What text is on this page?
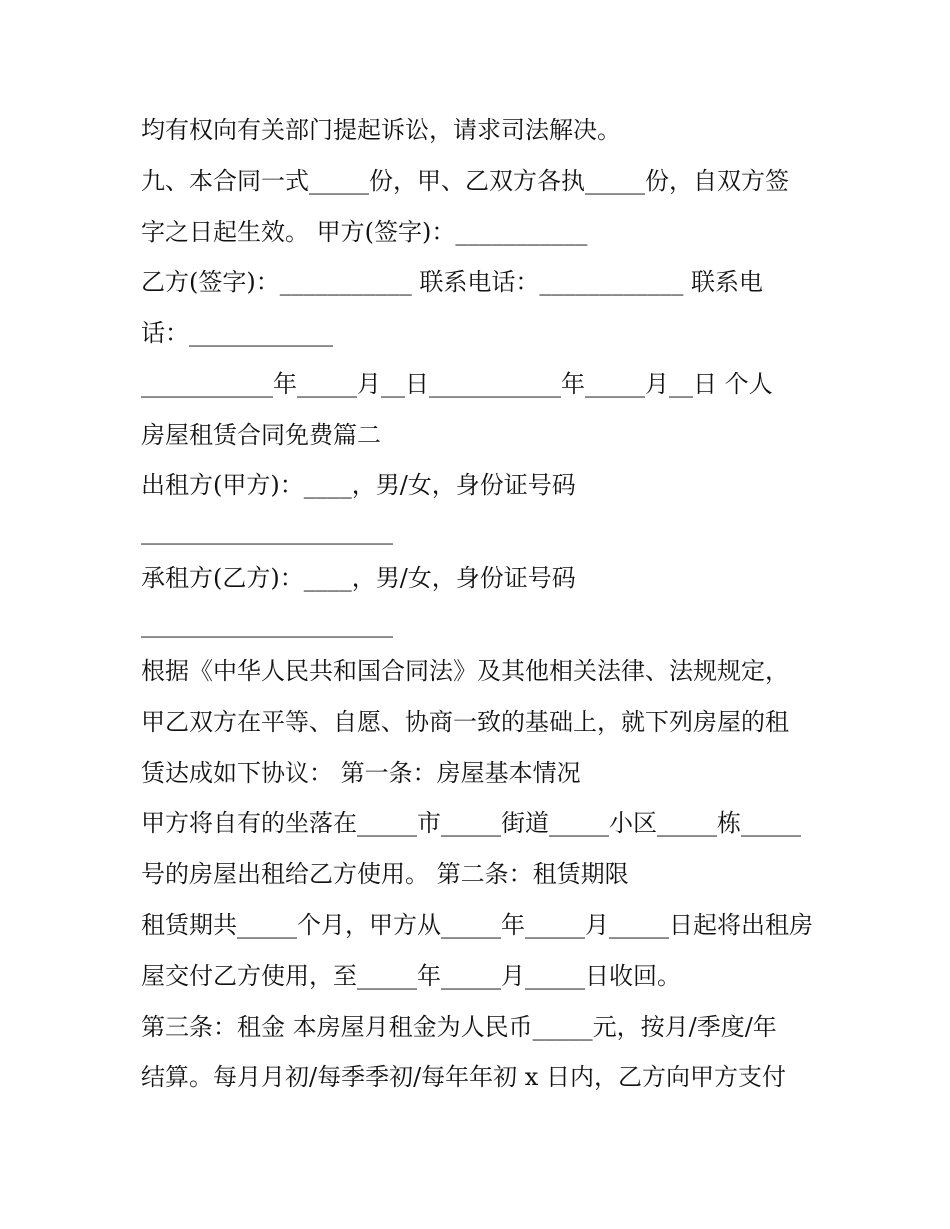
均有权向有关部门提起诉讼，请求司法解决。
九、本合同一式_____份，甲、乙双方各执_____份，自双方签
字之日起生效。 甲方(签字)：___________
乙方(签字)：___________ 联系电话：____________ 联系电
话：____________
___________年_____月__日___________年_____月__日 个人
房屋租赁合同免费篇二
出租方(甲方)：____，男/女，身份证号码
_____________________
承租方(乙方)：____，男/女，身份证号码
_____________________
根据《中华人民共和国合同法》及其他相关法律、法规规定，
甲乙双方在平等、自愿、协商一致的基础上，就下列房屋的租
赁达成如下协议： 第一条：房屋基本情况
甲方将自有的坐落在_____市_____街道_____小区_____栋_____
号的房屋出租给乙方使用。 第二条：租赁期限
租赁期共_____个月，甲方从_____年_____月_____日起将出租房
屋交付乙方使用，至_____年_____月_____日收回。
第三条：租金 本房屋月租金为人民币_____元，按月/季度/年
结算。每月月初/每季季初/每年年初 x 日内，乙方向甲方支付
